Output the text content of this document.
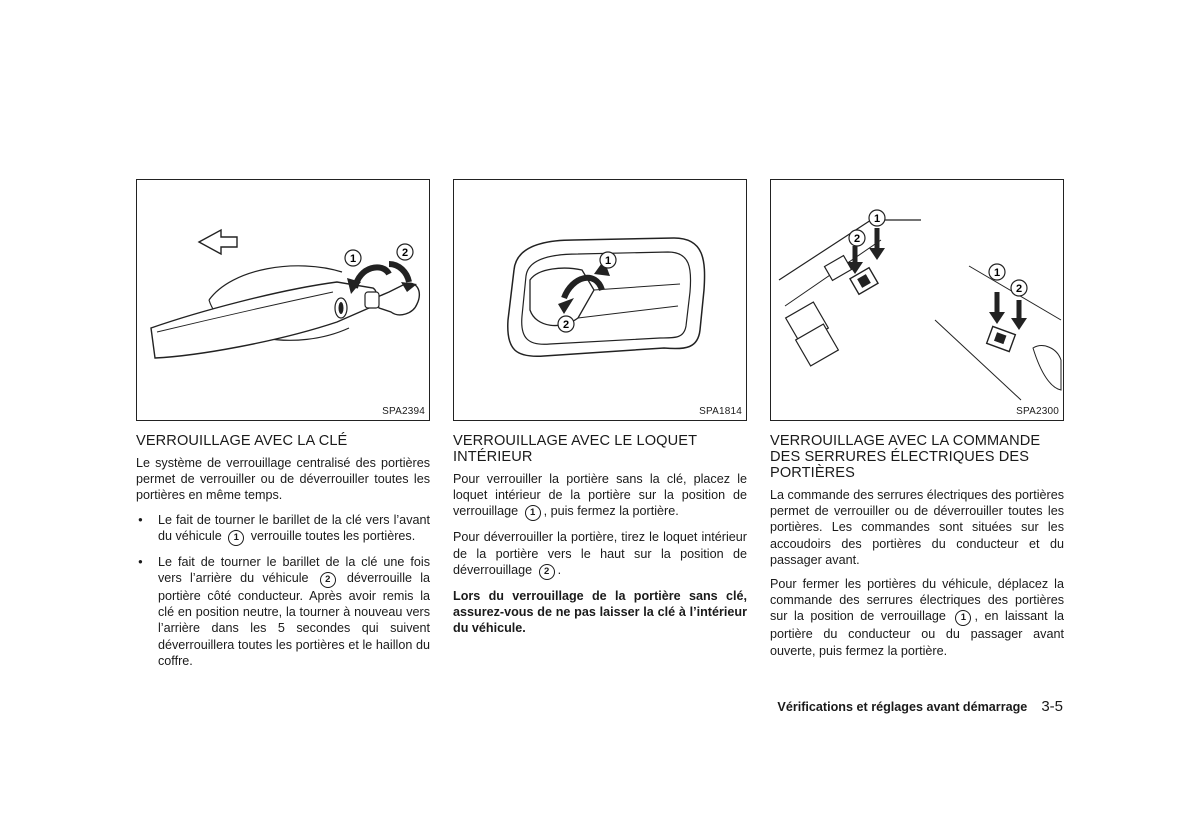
1	2
SPA2394
VERROUILLAGE AVEC LA CLÉ

Le système de verrouillage centralisé des portières permet de verrouiller ou de déverrouiller toutes les portières en même temps.

● Le fait de tourner le barillet de la clé vers l’avant du véhicule 1 verrouille toutes les portières.
● Le fait de tourner le barillet de la clé une fois vers l’arrière du véhicule 2 déverrouille la portière côté conducteur. Après avoir remis la clé en position neutre, la tourner à nouveau vers l’arrière dans les 5 secondes qui suivent déverrouillera toutes les portières et le haillon du coffre.
1
2
SPA1814
VERROUILLAGE AVEC LE LOQUET INTÉRIEUR

Pour verrouiller la portière sans la clé, placez le loquet intérieur de la portière sur la position de verrouillage 1 , puis fermez la portière.

Pour déverrouiller la portière, tirez le loquet intérieur de la portière vers le haut sur la position de déverrouillage 2 .

Lors du verrouillage de la portière sans clé, assurez-vous de ne pas laisser la clé à l’intérieur du véhicule.

1
2
1
2
SPA2300
VERROUILLAGE AVEC LA COMMANDE DES SERRURES ÉLECTRIQUES DES PORTIÈRES

La commande des serrures électriques des portières permet de verrouiller ou de déverrouiller toutes les portières. Les commandes sont situées sur les accoudoirs des portières du conducteur et du passager avant.

Pour fermer les portières du véhicule, déplacez la commande des serrures électriques des portières sur la position de verrouillage 1 , en laissant la portière du conducteur ou du passager avant ouverte, puis fermez la portière.

Vérifications et réglages avant démarrage 3-5
